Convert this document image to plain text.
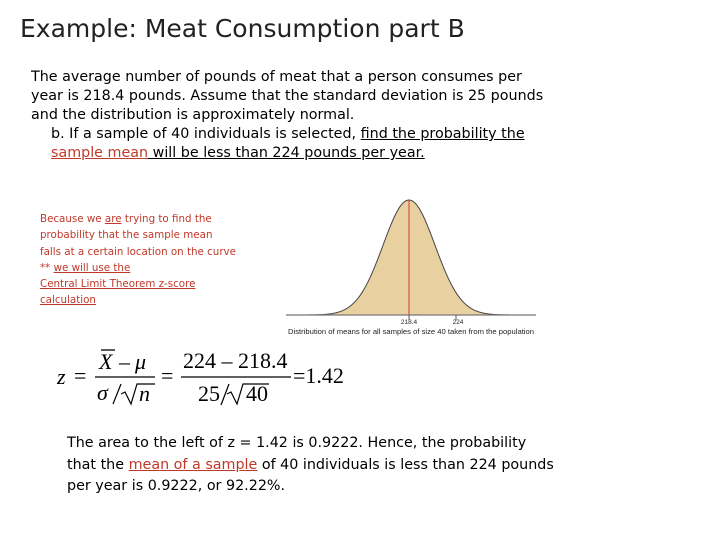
Example: Meat Consumption part B
The average number of pounds of meat that a person consumes per
year is 218.4 pounds. Assume that the standard deviation is 25 pounds
and the distribution is approximately normal.
b. If a sample of 40 individuals is selected, find the probability the
sample mean will be less than 224 pounds per year.
Because we are trying to find the
probability that the sample mean
falls at a certain location on the curve
** we will use the
Central Limit Theorem z-score
calculation
218.4	224
Distribution of means for all samples of size 40 taken from the population
z =
X – μ
σ n
=
224 – 218.4
25 40
=1.42
The area to the left of z = 1.42 is 0.9222. Hence, the probability
that the mean of a sample of 40 individuals is less than 224 pounds
per year is 0.9222, or 92.22%.
